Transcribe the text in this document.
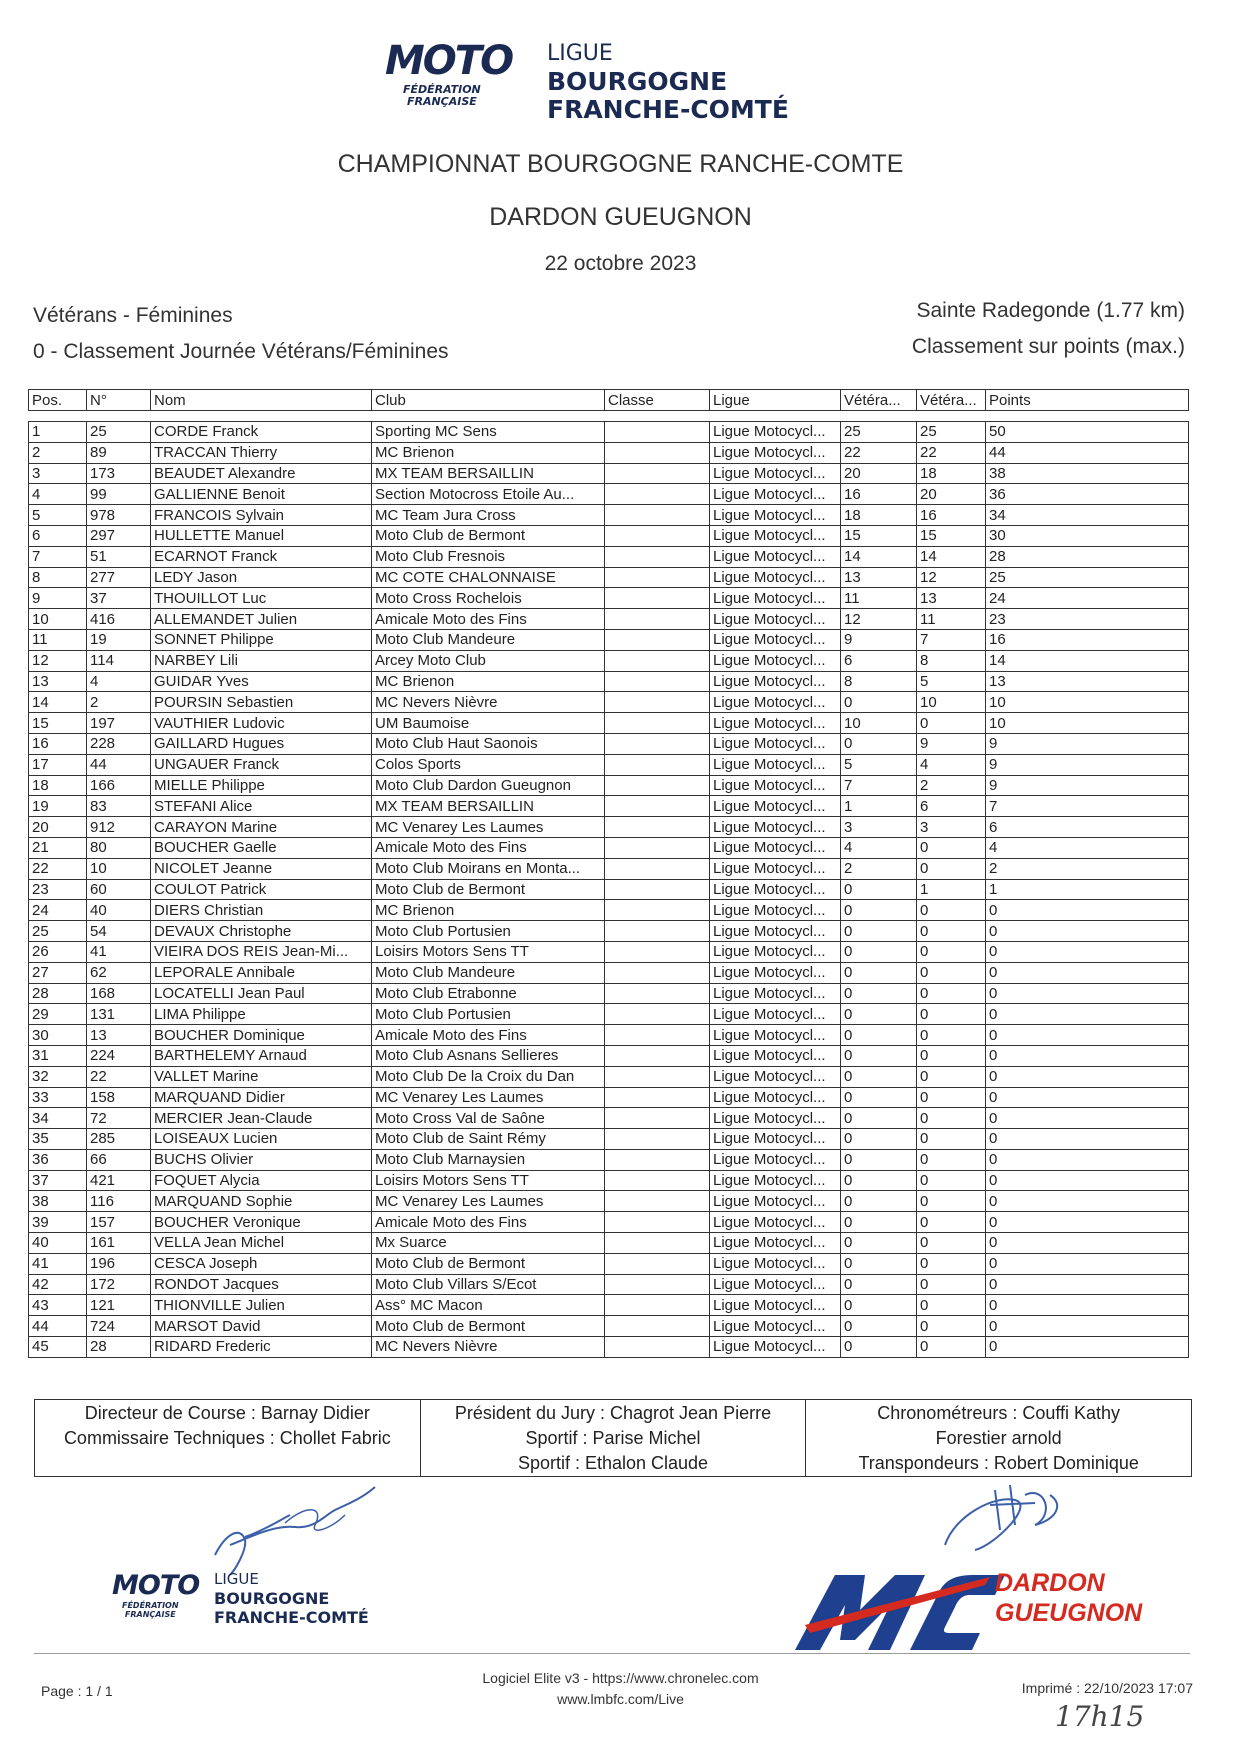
MOTO
FÉDÉRATION
FRANÇAISE
LIGUE
BOURGOGNE
FRANCHE-COMTÉ
CHAMPIONNAT BOURGOGNE RANCHE-COMTE
DARDON GUEUGNON
22 octobre 2023
Vétérans - Féminines
0 - Classement Journée Vétérans/Féminines
Sainte Radegonde (1.77 km)
Classement sur points (max.)
Pos.	N°	Nom	Club	Classe	Ligue	Vétéra...	Vétéra...	Points

1	25	CORDE Franck	Sporting MC Sens		Ligue Motocycl...	25	25	50
2	89	TRACCAN Thierry	MC Brienon		Ligue Motocycl...	22	22	44
3	173	BEAUDET Alexandre	MX TEAM BERSAILLIN		Ligue Motocycl...	20	18	38
4	99	GALLIENNE Benoit	Section Motocross Etoile Au...		Ligue Motocycl...	16	20	36
5	978	FRANCOIS Sylvain	MC Team Jura Cross		Ligue Motocycl...	18	16	34
6	297	HULLETTE Manuel	Moto Club de Bermont		Ligue Motocycl...	15	15	30
7	51	ECARNOT Franck	Moto Club Fresnois		Ligue Motocycl...	14	14	28
8	277	LEDY Jason	MC COTE CHALONNAISE		Ligue Motocycl...	13	12	25
9	37	THOUILLOT Luc	Moto Cross Rochelois		Ligue Motocycl...	11	13	24
10	416	ALLEMANDET Julien	Amicale Moto des Fins		Ligue Motocycl...	12	11	23
11	19	SONNET Philippe	Moto Club Mandeure		Ligue Motocycl...	9	7	16
12	114	NARBEY Lili	Arcey Moto Club		Ligue Motocycl...	6	8	14
13	4	GUIDAR Yves	MC Brienon		Ligue Motocycl...	8	5	13
14	2	POURSIN Sebastien	MC Nevers Nièvre		Ligue Motocycl...	0	10	10
15	197	VAUTHIER Ludovic	UM Baumoise		Ligue Motocycl...	10	0	10
16	228	GAILLARD Hugues	Moto Club Haut Saonois		Ligue Motocycl...	0	9	9
17	44	UNGAUER Franck	Colos Sports		Ligue Motocycl...	5	4	9
18	166	MIELLE Philippe	Moto Club Dardon Gueugnon		Ligue Motocycl...	7	2	9
19	83	STEFANI Alice	MX TEAM BERSAILLIN		Ligue Motocycl...	1	6	7
20	912	CARAYON Marine	MC Venarey Les Laumes		Ligue Motocycl...	3	3	6
21	80	BOUCHER Gaelle	Amicale Moto des Fins		Ligue Motocycl...	4	0	4
22	10	NICOLET Jeanne	Moto Club Moirans en Monta...		Ligue Motocycl...	2	0	2
23	60	COULOT Patrick	Moto Club de Bermont		Ligue Motocycl...	0	1	1
24	40	DIERS Christian	MC Brienon		Ligue Motocycl...	0	0	0
25	54	DEVAUX Christophe	Moto Club Portusien		Ligue Motocycl...	0	0	0
26	41	VIEIRA DOS REIS Jean-Mi...	Loisirs Motors Sens TT		Ligue Motocycl...	0	0	0
27	62	LEPORALE Annibale	Moto Club Mandeure		Ligue Motocycl...	0	0	0
28	168	LOCATELLI Jean Paul	Moto Club Etrabonne		Ligue Motocycl...	0	0	0
29	131	LIMA Philippe	Moto Club Portusien		Ligue Motocycl...	0	0	0
30	13	BOUCHER Dominique	Amicale Moto des Fins		Ligue Motocycl...	0	0	0
31	224	BARTHELEMY Arnaud	Moto Club Asnans Sellieres		Ligue Motocycl...	0	0	0
32	22	VALLET Marine	Moto Club De la Croix du Dan		Ligue Motocycl...	0	0	0
33	158	MARQUAND Didier	MC Venarey Les Laumes		Ligue Motocycl...	0	0	0
34	72	MERCIER Jean-Claude	Moto Cross Val de Saône		Ligue Motocycl...	0	0	0
35	285	LOISEAUX Lucien	Moto Club de Saint Rémy		Ligue Motocycl...	0	0	0
36	66	BUCHS Olivier	Moto Club Marnaysien		Ligue Motocycl...	0	0	0
37	421	FOQUET Alycia	Loisirs Motors Sens TT		Ligue Motocycl...	0	0	0
38	116	MARQUAND Sophie	MC Venarey Les Laumes		Ligue Motocycl...	0	0	0
39	157	BOUCHER Veronique	Amicale Moto des Fins		Ligue Motocycl...	0	0	0
40	161	VELLA Jean Michel	Mx Suarce		Ligue Motocycl...	0	0	0
41	196	CESCA Joseph	Moto Club de Bermont		Ligue Motocycl...	0	0	0
42	172	RONDOT Jacques	Moto Club Villars S/Ecot		Ligue Motocycl...	0	0	0
43	121	THIONVILLE Julien	Ass° MC Macon		Ligue Motocycl...	0	0	0
44	724	MARSOT David	Moto Club de Bermont		Ligue Motocycl...	0	0	0
45	28	RIDARD Frederic	MC Nevers Nièvre		Ligue Motocycl...	0	0	0
Directeur de Course : Barnay Didier
Commissaire Techniques : Chollet Fabric
Président du Jury : Chagrot Jean Pierre
Sportif : Parise Michel
Sportif : Ethalon Claude
Chronométreurs : Couffi Kathy
Forestier arnold
Transpondeurs : Robert Dominique
MOTO
FÉDÉRATION
FRANÇAISE
LIGUE
BOURGOGNE
FRANCHE-COMTÉ
DARDON
GUEUGNON
Page : 1 / 1
Logiciel Elite v3 - https://www.chronelec.com
www.lmbfc.com/Live
Imprimé : 22/10/2023 17:07
17h15
